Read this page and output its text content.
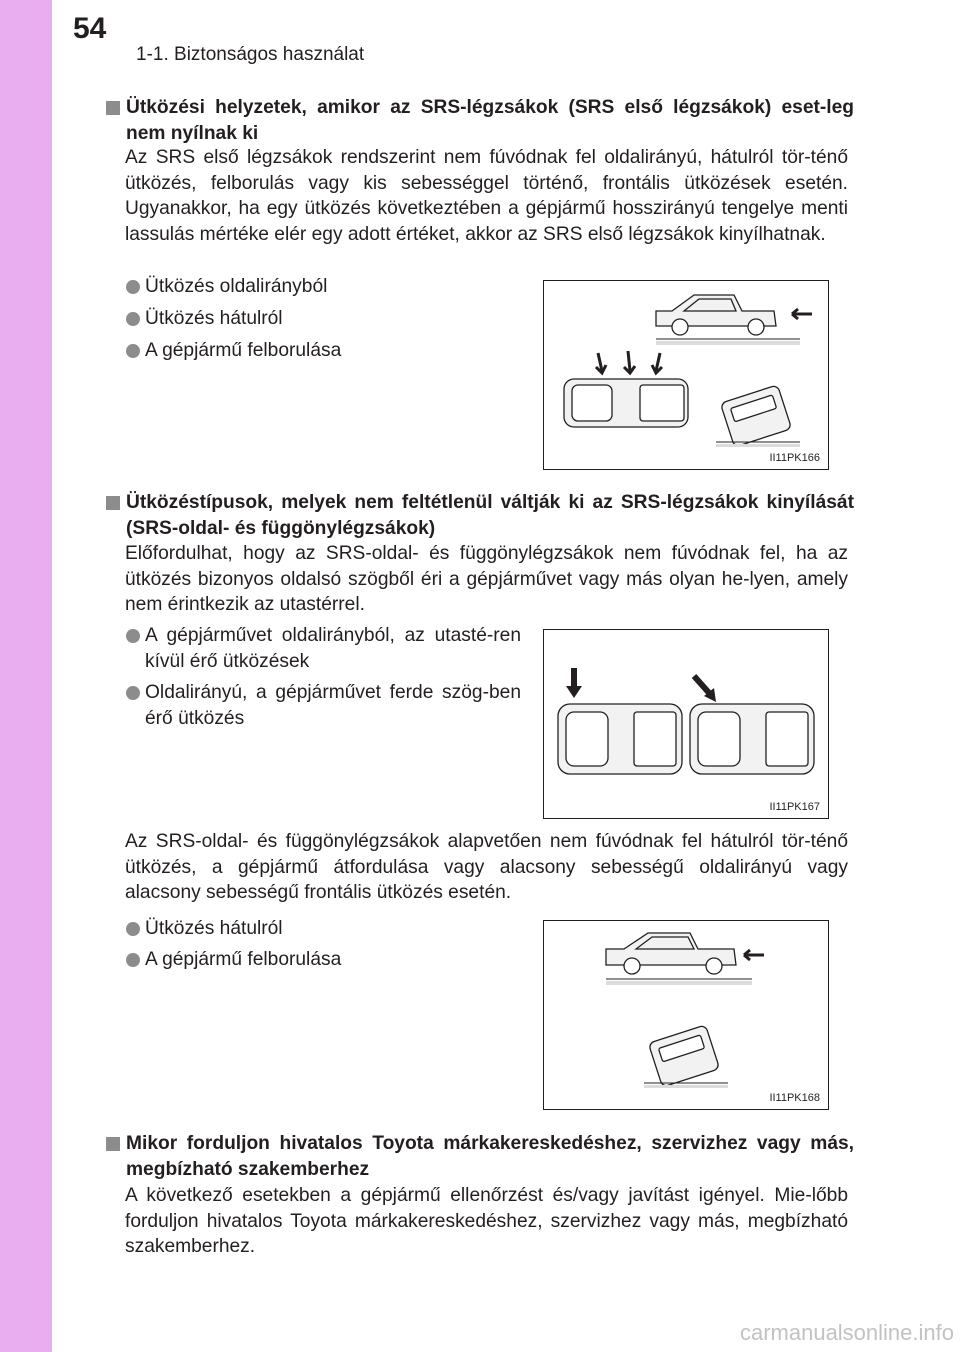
54
1-1. Biztonságos használat
Ütközési helyzetek, amikor az SRS-légzsákok (SRS első légzsákok) eset-leg nem nyílnak ki
Az SRS első légzsákok rendszerint nem fúvódnak fel oldalirányú, hátulról tör-ténő ütközés, felborulás vagy kis sebességgel történő, frontális ütközések esetén. Ugyanakkor, ha egy ütközés következtében a gépjármű hosszirányú tengelye menti lassulás mértéke elér egy adott értéket, akkor az SRS első légzsákok kinyílhatnak.
Ütközés oldalirányból
Ütközés hátulról
A gépjármű felborulása
II11PK166
Ütközéstípusok, melyek nem feltétlenül váltják ki az SRS-légzsákok kinyílását (SRS-oldal- és függönylégzsákok)
Előfordulhat, hogy az SRS-oldal- és függönylégzsákok nem fúvódnak fel, ha az ütközés bizonyos oldalsó szögből éri a gépjárművet vagy más olyan he-lyen, amely nem érintkezik az utastérrel.
A gépjárművet oldalirányból, az utasté-ren kívül érő ütközések
Oldalirányú, a gépjárművet ferde szög-ben érő ütközés
II11PK167
Az SRS-oldal- és függönylégzsákok alapvetően nem fúvódnak fel hátulról tör-ténő ütközés, a gépjármű átfordulása vagy alacsony sebességű oldalirányú vagy alacsony sebességű frontális ütközés esetén.
Ütközés hátulról
A gépjármű felborulása
II11PK168
Mikor forduljon hivatalos Toyota márkakereskedéshez, szervizhez vagy más, megbízható szakemberhez
A következő esetekben a gépjármű ellenőrzést és/vagy javítást igényel. Mie-lőbb forduljon hivatalos Toyota márkakereskedéshez, szervizhez vagy más, megbízható szakemberhez.
carmanualsonline.info
